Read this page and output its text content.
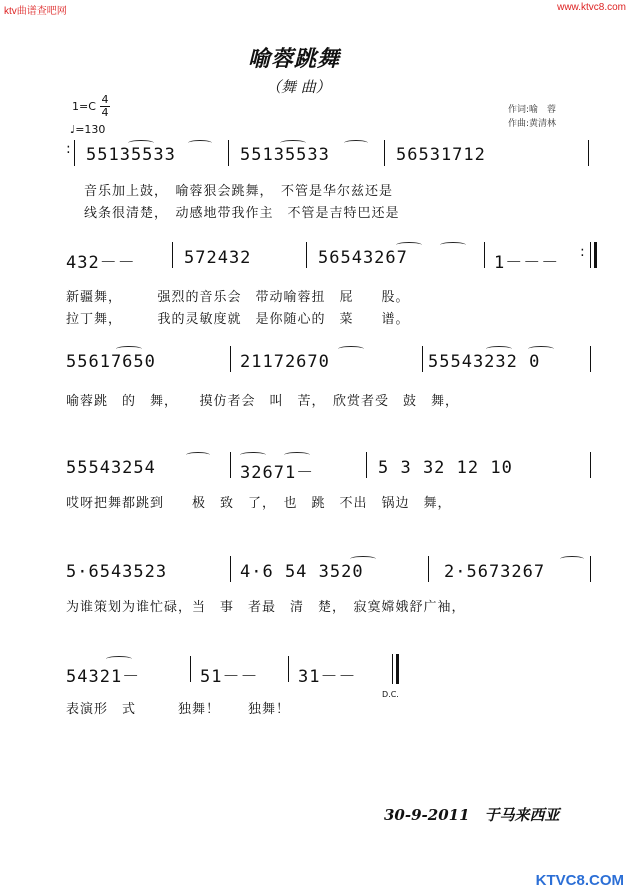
ktv曲谱查吧网	www.ktvc8.com
喻蓉跳舞
（舞 曲）
作词:喻　蓉
作曲:黄清林
$1=C \frac{4}{4}$
♩=130
: 55135533	55135533	56531712
音乐加上鼓，　喻蓉狠会跳舞，　不管是华尔兹还是
线条很清楚，　动感地带我作主　不管是吉特巴还是
432－－	572432	56543267	1－－－
:
新疆舞，　　　强烈的音乐会　带动喻蓉扭　屁　　股。
拉丁舞，　　　我的灵敏度就　是你随心的　菜　　谱。
55617650	21172670	55543232 0
喻蓉跳　的　舞，　　摸仿者会　叫　苦，　欣赏者受　鼓　舞，
55543254	32671－	5 3 32 12 10
哎呀把舞都跳到　　极　致　了，　也　跳　不出　锅边　舞，
5·6543523	4·6 54 3520	2·5673267
为谁策划为谁忙碌，当　事　者最　清　楚，　寂寞嫦娥舒广袖，
54321－	51－－ 31－－
D.C.
表演形　式　　　独舞！　　独舞！
30-9-2011　于马来西亚
KTVC8.COM
